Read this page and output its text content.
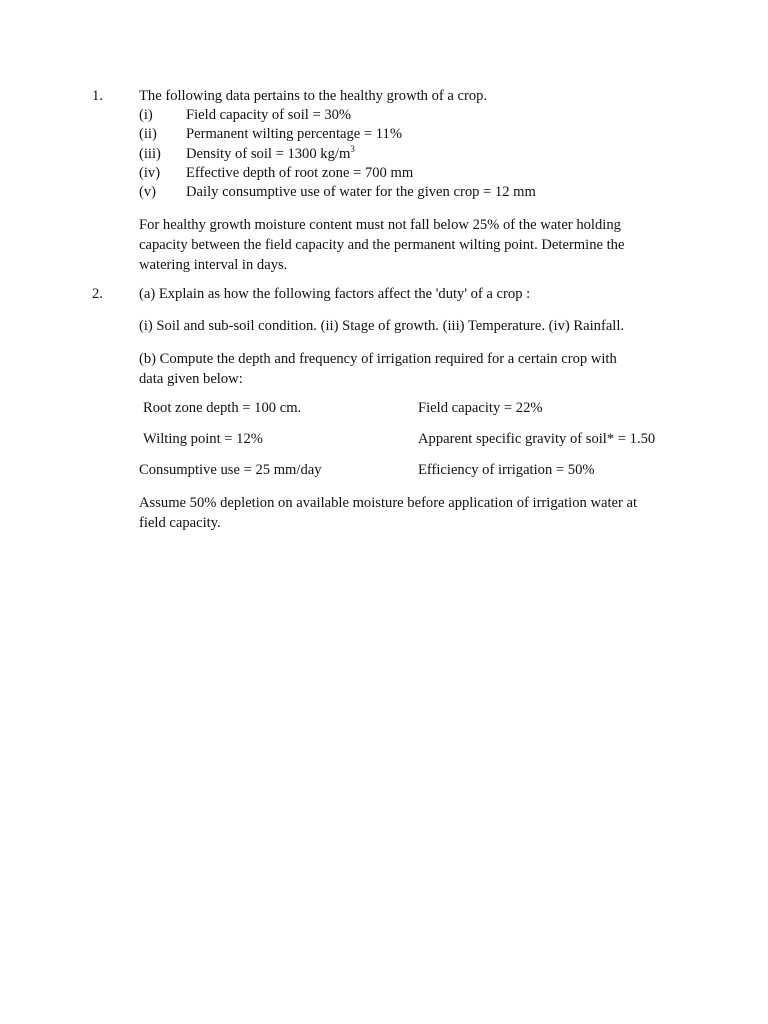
1. The following data pertains to the healthy growth of a crop.
(i) Field capacity of soil = 30%
(ii) Permanent wilting percentage = 11%
(iii) Density of soil = 1300 $kg/m^3$
(iv) Effective depth of root zone = 700 mm
(v) Daily consumptive use of water for the given crop = 12 mm
For healthy growth moisture content must not fall below 25% of the water holding
capacity between the field capacity and the permanent wilting point. Determine the
watering interval in days.
2. (a) Explain as how the following factors affect the 'duty' of a crop :
(i) Soil and sub-soil condition. (ii) Stage of growth. (iii) Temperature. (iv) Rainfall.
(b) Compute the depth and frequency of irrigation required for a certain crop with
data given below:
Root zone depth = 100 cm.	Field capacity = 22%
Wilting point = 12%	Apparent specific gravity of soil* = 1.50
Consumptive use = 25 mm/day	Efficiency of irrigation = 50%
Assume 50% depletion on available moisture before application of irrigation water at
field capacity.
